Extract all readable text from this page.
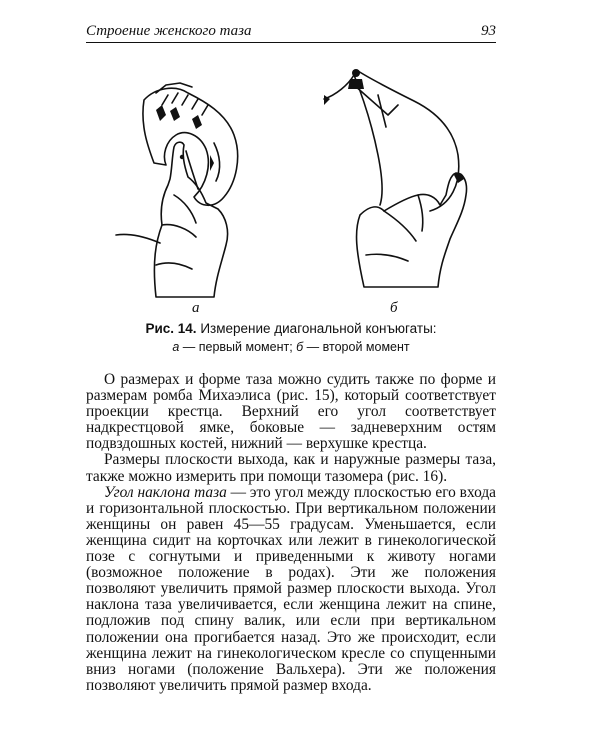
Строение женского таза	93
а	б
Рис. 14. Измерение диагональной конъюгаты:
а — первый момент; б — второй момент

О размерах и форме таза можно судить также по форме и размерам ромба Михаэлиса (рис. 15), который соответствует проекции крестца. Верхний его угол соответствует надкрестцовой ямке, боковые — задневерхним остям подвздошных костей, нижний — верхушке крестца.

Размеры плоскости выхода, как и наружные размеры таза, также можно измерить при помощи тазомера (рис. 16).

Угол наклона таза — это угол между плоскостью его входа и горизонтальной плоскостью. При вертикальном положении женщины он равен 45—55 градусам. Уменьшается, если женщина сидит на корточках или лежит в гинекологической позе с согнутыми и приведенными к животу ногами (возможное положение в родах). Эти же положения позволяют увеличить прямой размер плоскости выхода. Угол наклона таза увеличивается, если женщина лежит на спине, подложив под спину валик, или если при вертикальном положении она прогибается назад. Это же происходит, если женщина лежит на гинекологическом кресле со спущенными вниз ногами (положение Вальхера). Эти же положения позволяют увеличить прямой размер входа.
